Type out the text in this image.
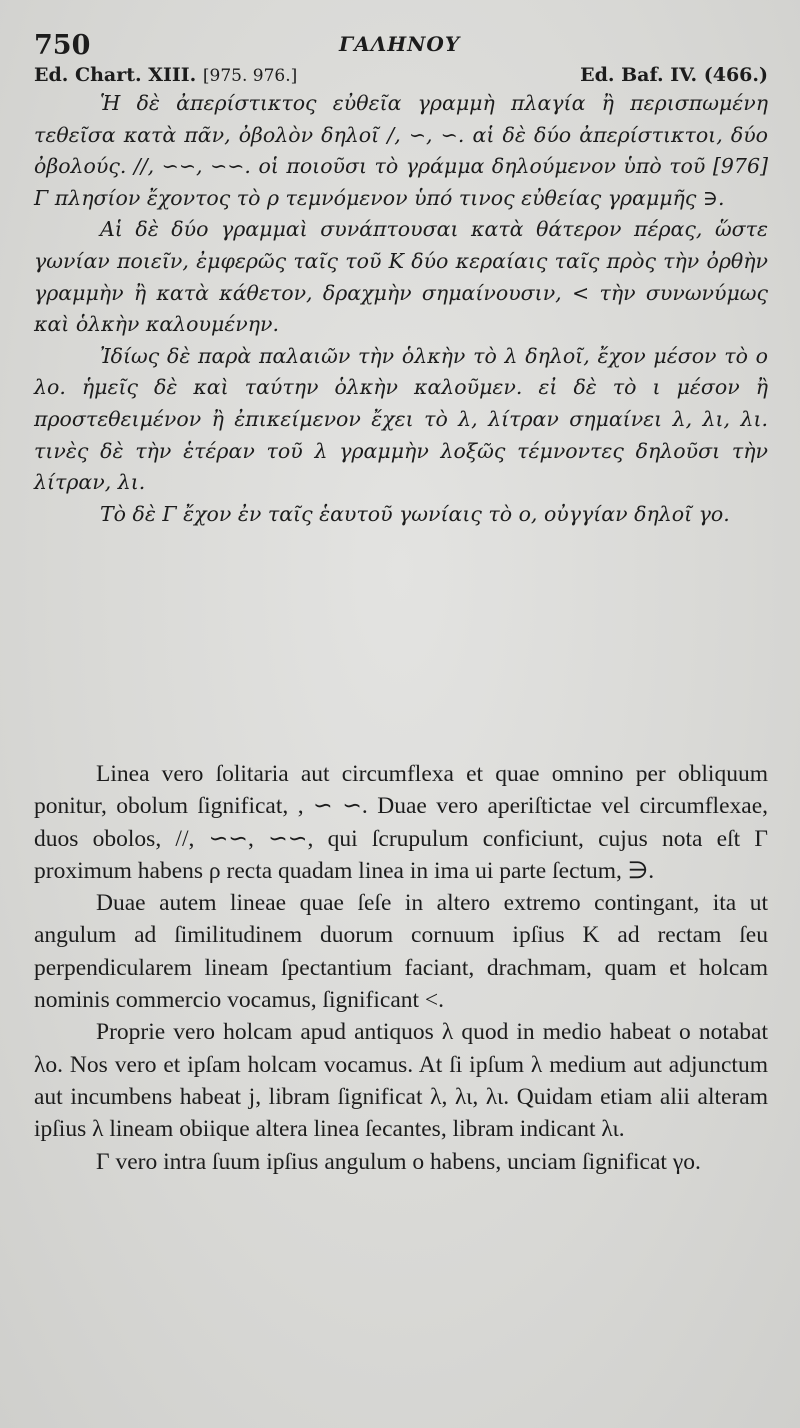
750	ΓΑΛΗΝΟΥ
Ed. Chart. XIII. [975. 976.]	Ed. Baf. IV. (466.)

Ἡ δὲ ἀπερίστικτος εὐθεῖα γραμμὴ πλαγία ἢ περισπωμένη τεθεῖσα κατὰ πᾶν, ὀβολὸν δηλοῖ /, ∽, ∽. αἱ δὲ δύο ἀπερίστικτοι, δύο ὀβολούς. //, ∽∽, ∽∽. οἱ ποιοῦσι τὸ γράμμα δηλούμενον ὑπὸ τοῦ [976] Γ πλησίον ἔχοντος τὸ ρ τεμνόμενον ὑπό τινος εὐθείας γραμμῆς ∋.

Αἱ δὲ δύο γραμμαὶ συνάπτουσαι κατὰ θάτερον πέρας, ὥστε γωνίαν ποιεῖν, ἐμφερῶς ταῖς τοῦ Κ δύο κεραίαις ταῖς πρὸς τὴν ὀρθὴν γραμμὴν ἢ κατὰ κάθετον, δραχμὴν σημαίνουσιν, < τὴν συνωνύμως καὶ ὁλκὴν καλουμένην.

Ἰδίως δὲ παρὰ παλαιῶν τὴν ὁλκὴν τὸ λ δηλοῖ, ἔχον μέσον τὸ ο λο. ἡμεῖς δὲ καὶ ταύτην ὁλκὴν καλοῦμεν. εἰ δὲ τὸ ι μέσον ἢ προστεθειμένον ἢ ἐπικείμενον ἔχει τὸ λ, λίτραν σημαίνει λ, λι, λι. τινὲς δὲ τὴν ἑτέραν τοῦ λ γραμμὴν λοξῶς τέμνοντες δηλοῦσι τὴν λίτραν, λι.

Τὸ δὲ Γ ἔχον ἐν ταῖς ἑαυτοῦ γωνίαις τὸ ο, οὐγγίαν δηλοῖ γο.

Linea vero ſolitaria aut circumflexa et quae omnino per obliquum ponitur, obolum ſignificat, , ∽ ∽. Duae vero aperiſtictae vel circumflexae, duos obolos, //, ∽∽, ∽∽, qui ſcrupulum conficiunt, cujus nota eſt Γ proximum habens ρ recta quadam linea in ima ui parte ſectum, ∋.

Duae autem lineae quae ſeſe in altero extremo contingant, ita ut angulum ad ſimilitudinem duorum cornuum ipſius Κ ad rectam ſeu perpendicularem lineam ſpectantium faciant, drachmam, quam et holcam nominis commercio vocamus, ſignificant <.

Proprie vero holcam apud antiquos λ quod in medio habeat ο notabat λο. Nos vero et ipſam holcam vocamus. At ſi ipſum λ medium aut adjunctum aut incumbens habeat j, libram ſignificat λ, λι, λι. Quidam etiam alii alteram ipſius λ lineam obiique altera linea ſecantes, libram indicant λι.

Γ vero intra ſuum ipſius angulum ο habens, unciam ſignificat γο.
